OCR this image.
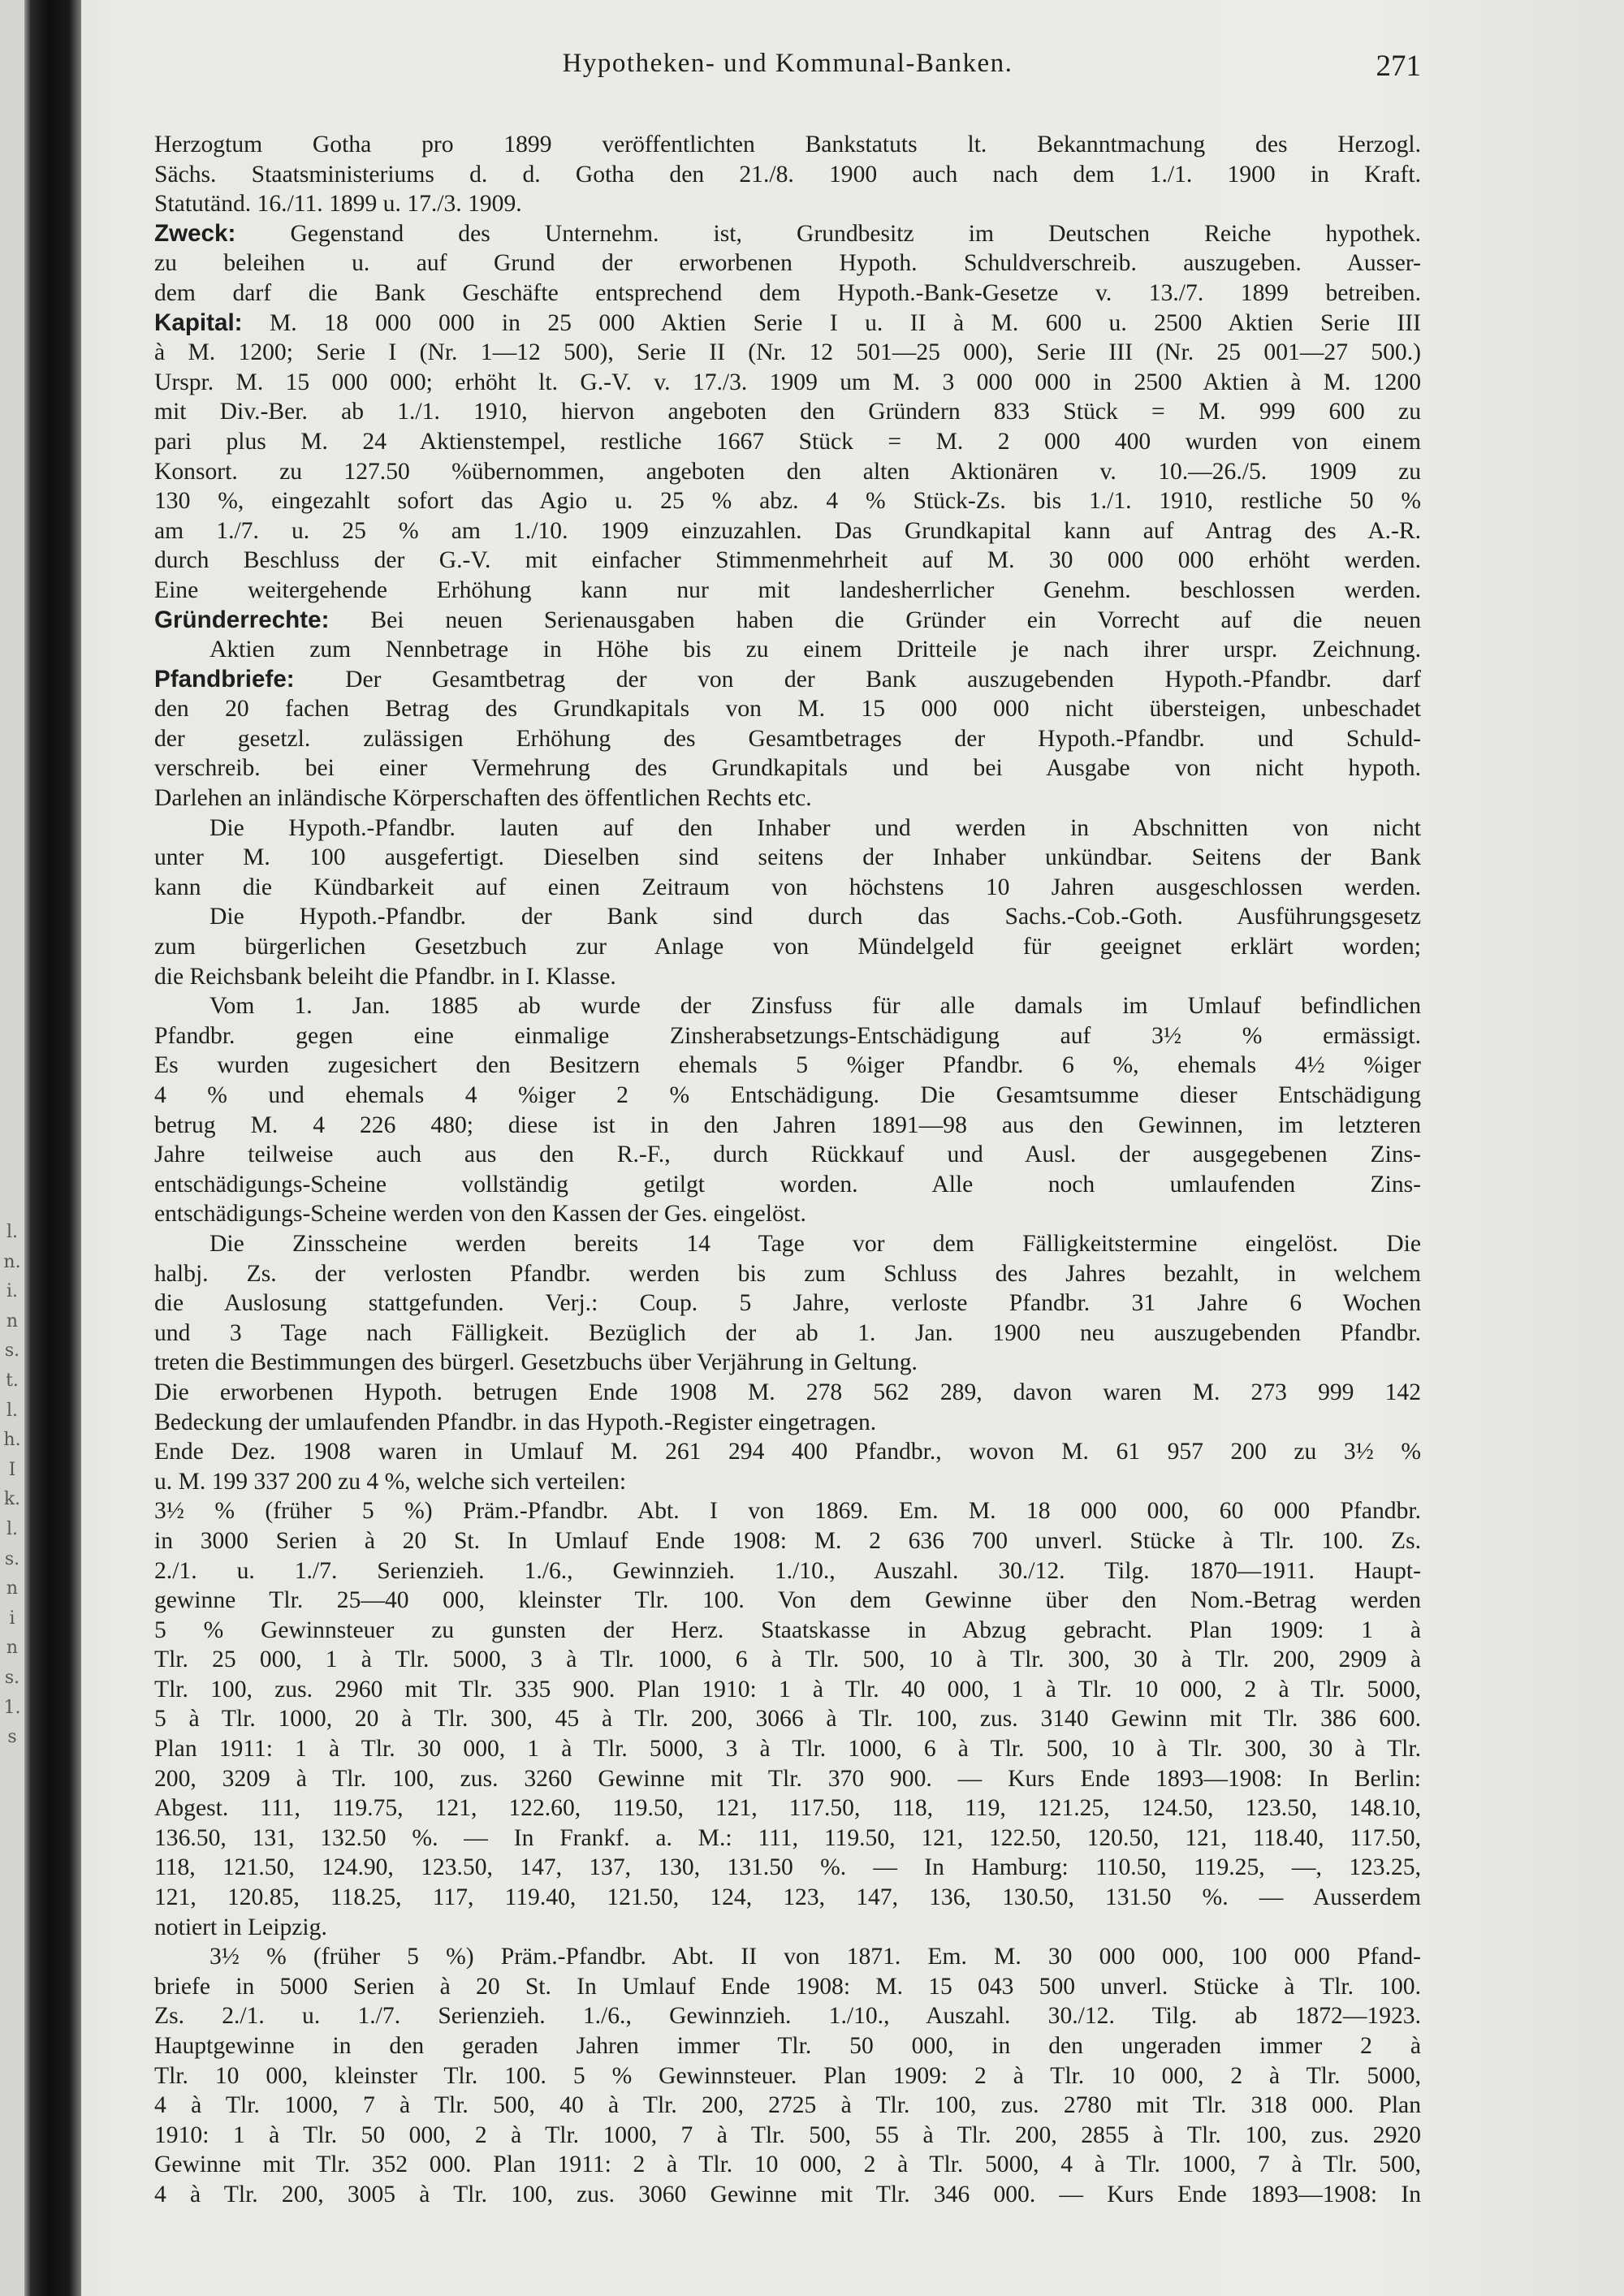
l.
n.
i.
n
s.
t.
l.
h.
I
k.
l.
s.
n
i
n
s.
1.
s
Hypotheken- und Kommunal-Banken.	271
Herzogtum Gotha pro 1899 veröffentlichten Bankstatuts lt. Bekanntmachung des Herzogl.
Sächs. Staatsministeriums d. d. Gotha den 21./8. 1900 auch nach dem 1./1. 1900 in Kraft.
Statutänd. 16./11. 1899 u. 17./3. 1909.
Zweck: Gegenstand des Unternehm. ist, Grundbesitz im Deutschen Reiche hypothek.
zu beleihen u. auf Grund der erworbenen Hypoth. Schuldverschreib. auszugeben. Ausser-
dem darf die Bank Geschäfte entsprechend dem Hypoth.-Bank-Gesetze v. 13./7. 1899 betreiben.
Kapital: M. 18 000 000 in 25 000 Aktien Serie I u. II à M. 600 u. 2500 Aktien Serie III
à M. 1200; Serie I (Nr. 1—12 500), Serie II (Nr. 12 501—25 000), Serie III (Nr. 25 001—27 500.)
Urspr. M. 15 000 000; erhöht lt. G.-V. v. 17./3. 1909 um M. 3 000 000 in 2500 Aktien à M. 1200
mit Div.-Ber. ab 1./1. 1910, hiervon angeboten den Gründern 833 Stück = M. 999 600 zu
pari plus M. 24 Aktienstempel, restliche 1667 Stück = M. 2 000 400 wurden von einem
Konsort. zu 127.50 %übernommen, angeboten den alten Aktionären v. 10.—26./5. 1909 zu
130 %, eingezahlt sofort das Agio u. 25 % abz. 4 % Stück-Zs. bis 1./1. 1910, restliche 50 %
am 1./7. u. 25 % am 1./10. 1909 einzuzahlen. Das Grundkapital kann auf Antrag des A.-R.
durch Beschluss der G.-V. mit einfacher Stimmenmehrheit auf M. 30 000 000 erhöht werden.
Eine weitergehende Erhöhung kann nur mit landesherrlicher Genehm. beschlossen werden.
Gründerrechte: Bei neuen Serienausgaben haben die Gründer ein Vorrecht auf die neuen
Aktien zum Nennbetrage in Höhe bis zu einem Dritteile je nach ihrer urspr. Zeichnung.
Pfandbriefe: Der Gesamtbetrag der von der Bank auszugebenden Hypoth.-Pfandbr. darf
den 20 fachen Betrag des Grundkapitals von M. 15 000 000 nicht übersteigen, unbeschadet
der gesetzl. zulässigen Erhöhung des Gesamtbetrages der Hypoth.-Pfandbr. und Schuld-
verschreib. bei einer Vermehrung des Grundkapitals und bei Ausgabe von nicht hypoth.
Darlehen an inländische Körperschaften des öffentlichen Rechts etc.
Die Hypoth.-Pfandbr. lauten auf den Inhaber und werden in Abschnitten von nicht
unter M. 100 ausgefertigt. Dieselben sind seitens der Inhaber unkündbar. Seitens der Bank
kann die Kündbarkeit auf einen Zeitraum von höchstens 10 Jahren ausgeschlossen werden.
Die Hypoth.-Pfandbr. der Bank sind durch das Sachs.-Cob.-Goth. Ausführungsgesetz
zum bürgerlichen Gesetzbuch zur Anlage von Mündelgeld für geeignet erklärt worden;
die Reichsbank beleiht die Pfandbr. in I. Klasse.
Vom 1. Jan. 1885 ab wurde der Zinsfuss für alle damals im Umlauf befindlichen
Pfandbr. gegen eine einmalige Zinsherabsetzungs-Entschädigung auf 3½ % ermässigt.
Es wurden zugesichert den Besitzern ehemals 5 %iger Pfandbr. 6 %, ehemals 4½ %iger
4 % und ehemals 4 %iger 2 % Entschädigung. Die Gesamtsumme dieser Entschädigung
betrug M. 4 226 480; diese ist in den Jahren 1891—98 aus den Gewinnen, im letzteren
Jahre teilweise auch aus den R.-F., durch Rückkauf und Ausl. der ausgegebenen Zins-
entschädigungs-Scheine vollständig getilgt worden. Alle noch umlaufenden Zins-
entschädigungs-Scheine werden von den Kassen der Ges. eingelöst.
Die Zinsscheine werden bereits 14 Tage vor dem Fälligkeitstermine eingelöst. Die
halbj. Zs. der verlosten Pfandbr. werden bis zum Schluss des Jahres bezahlt, in welchem
die Auslosung stattgefunden. Verj.: Coup. 5 Jahre, verloste Pfandbr. 31 Jahre 6 Wochen
und 3 Tage nach Fälligkeit. Bezüglich der ab 1. Jan. 1900 neu auszugebenden Pfandbr.
treten die Bestimmungen des bürgerl. Gesetzbuchs über Verjährung in Geltung.
Die erworbenen Hypoth. betrugen Ende 1908 M. 278 562 289, davon waren M. 273 999 142
Bedeckung der umlaufenden Pfandbr. in das Hypoth.-Register eingetragen.
Ende Dez. 1908 waren in Umlauf M. 261 294 400 Pfandbr., wovon M. 61 957 200 zu 3½ %
u. M. 199 337 200 zu 4 %, welche sich verteilen:
3½ % (früher 5 %) Präm.-Pfandbr. Abt. I von 1869. Em. M. 18 000 000, 60 000 Pfandbr.
in 3000 Serien à 20 St. In Umlauf Ende 1908: M. 2 636 700 unverl. Stücke à Tlr. 100. Zs.
2./1. u. 1./7. Serienzieh. 1./6., Gewinnzieh. 1./10., Auszahl. 30./12. Tilg. 1870—1911. Haupt-
gewinne Tlr. 25—40 000, kleinster Tlr. 100. Von dem Gewinne über den Nom.-Betrag werden
5 % Gewinnsteuer zu gunsten der Herz. Staatskasse in Abzug gebracht. Plan 1909: 1 à
Tlr. 25 000, 1 à Tlr. 5000, 3 à Tlr. 1000, 6 à Tlr. 500, 10 à Tlr. 300, 30 à Tlr. 200, 2909 à
Tlr. 100, zus. 2960 mit Tlr. 335 900. Plan 1910: 1 à Tlr. 40 000, 1 à Tlr. 10 000, 2 à Tlr. 5000,
5 à Tlr. 1000, 20 à Tlr. 300, 45 à Tlr. 200, 3066 à Tlr. 100, zus. 3140 Gewinn mit Tlr. 386 600.
Plan 1911: 1 à Tlr. 30 000, 1 à Tlr. 5000, 3 à Tlr. 1000, 6 à Tlr. 500, 10 à Tlr. 300, 30 à Tlr.
200, 3209 à Tlr. 100, zus. 3260 Gewinne mit Tlr. 370 900. — Kurs Ende 1893—1908: In Berlin:
Abgest. 111, 119.75, 121, 122.60, 119.50, 121, 117.50, 118, 119, 121.25, 124.50, 123.50, 148.10,
136.50, 131, 132.50 %. — In Frankf. a. M.: 111, 119.50, 121, 122.50, 120.50, 121, 118.40, 117.50,
118, 121.50, 124.90, 123.50, 147, 137, 130, 131.50 %. — In Hamburg: 110.50, 119.25, —, 123.25,
121, 120.85, 118.25, 117, 119.40, 121.50, 124, 123, 147, 136, 130.50, 131.50 %. — Ausserdem
notiert in Leipzig.
3½ % (früher 5 %) Präm.-Pfandbr. Abt. II von 1871. Em. M. 30 000 000, 100 000 Pfand-
briefe in 5000 Serien à 20 St. In Umlauf Ende 1908: M. 15 043 500 unverl. Stücke à Tlr. 100.
Zs. 2./1. u. 1./7. Serienzieh. 1./6., Gewinnzieh. 1./10., Auszahl. 30./12. Tilg. ab 1872—1923.
Hauptgewinne in den geraden Jahren immer Tlr. 50 000, in den ungeraden immer 2 à
Tlr. 10 000, kleinster Tlr. 100. 5 % Gewinnsteuer. Plan 1909: 2 à Tlr. 10 000, 2 à Tlr. 5000,
4 à Tlr. 1000, 7 à Tlr. 500, 40 à Tlr. 200, 2725 à Tlr. 100, zus. 2780 mit Tlr. 318 000. Plan
1910: 1 à Tlr. 50 000, 2 à Tlr. 1000, 7 à Tlr. 500, 55 à Tlr. 200, 2855 à Tlr. 100, zus. 2920
Gewinne mit Tlr. 352 000. Plan 1911: 2 à Tlr. 10 000, 2 à Tlr. 5000, 4 à Tlr. 1000, 7 à Tlr. 500,
4 à Tlr. 200, 3005 à Tlr. 100, zus. 3060 Gewinne mit Tlr. 346 000. — Kurs Ende 1893—1908: In
